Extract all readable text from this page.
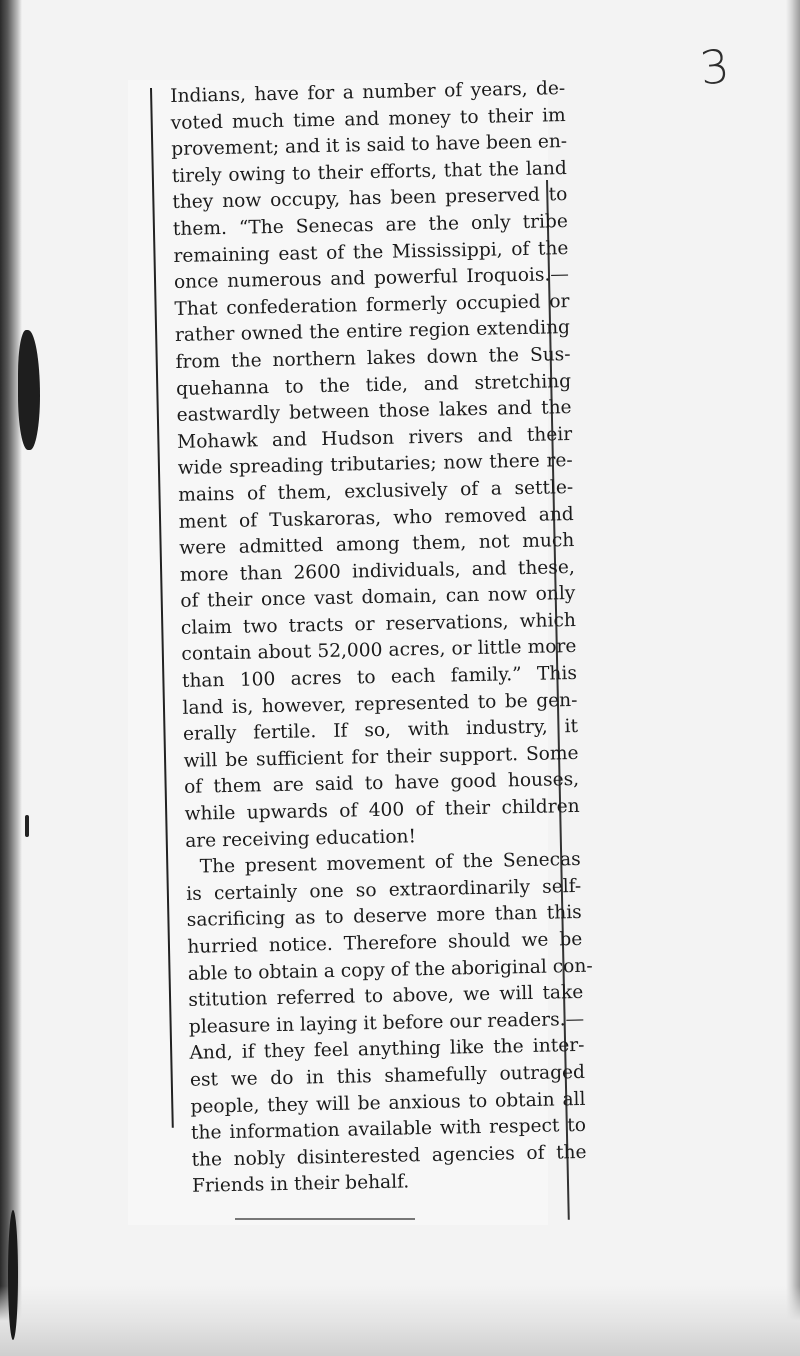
3
Indians, have for a number of years, de-
voted much time and money to their im
provement; and it is said to have been en-
tirely owing to their efforts, that the land
they now occupy, has been preserved to
them. “The Senecas are the only tribe
remaining east of the Mississippi, of the
once numerous and powerful Iroquois.—
That confederation formerly occupied or
rather owned the entire region extending
from the northern lakes down the Sus-
quehanna to the tide, and stretching
eastwardly between those lakes and the
Mohawk and Hudson rivers and their
wide spreading tributaries; now there re-
mains of them, exclusively of a settle-
ment of Tuskaroras, who removed and
were admitted among them, not much
more than 2600 individuals, and these,
of their once vast domain, can now only
claim two tracts or reservations, which
contain about 52,000 acres, or little more
than 100 acres to each family.” This
land is, however, represented to be gen-
erally fertile. If so, with industry, it
will be sufficient for their support. Some
of them are said to have good houses,
while upwards of 400 of their children
are receiving education!
The present movement of the Senecas
is certainly one so extraordinarily self-
sacrificing as to deserve more than this
hurried notice. Therefore should we be
able to obtain a copy of the aboriginal con-
stitution referred to above, we will take
pleasure in laying it before our readers.—
And, if they feel anything like the inter-
est we do in this shamefully outraged
people, they will be anxious to obtain all
the information available with respect to
the nobly disinterested agencies of the
Friends in their behalf.
